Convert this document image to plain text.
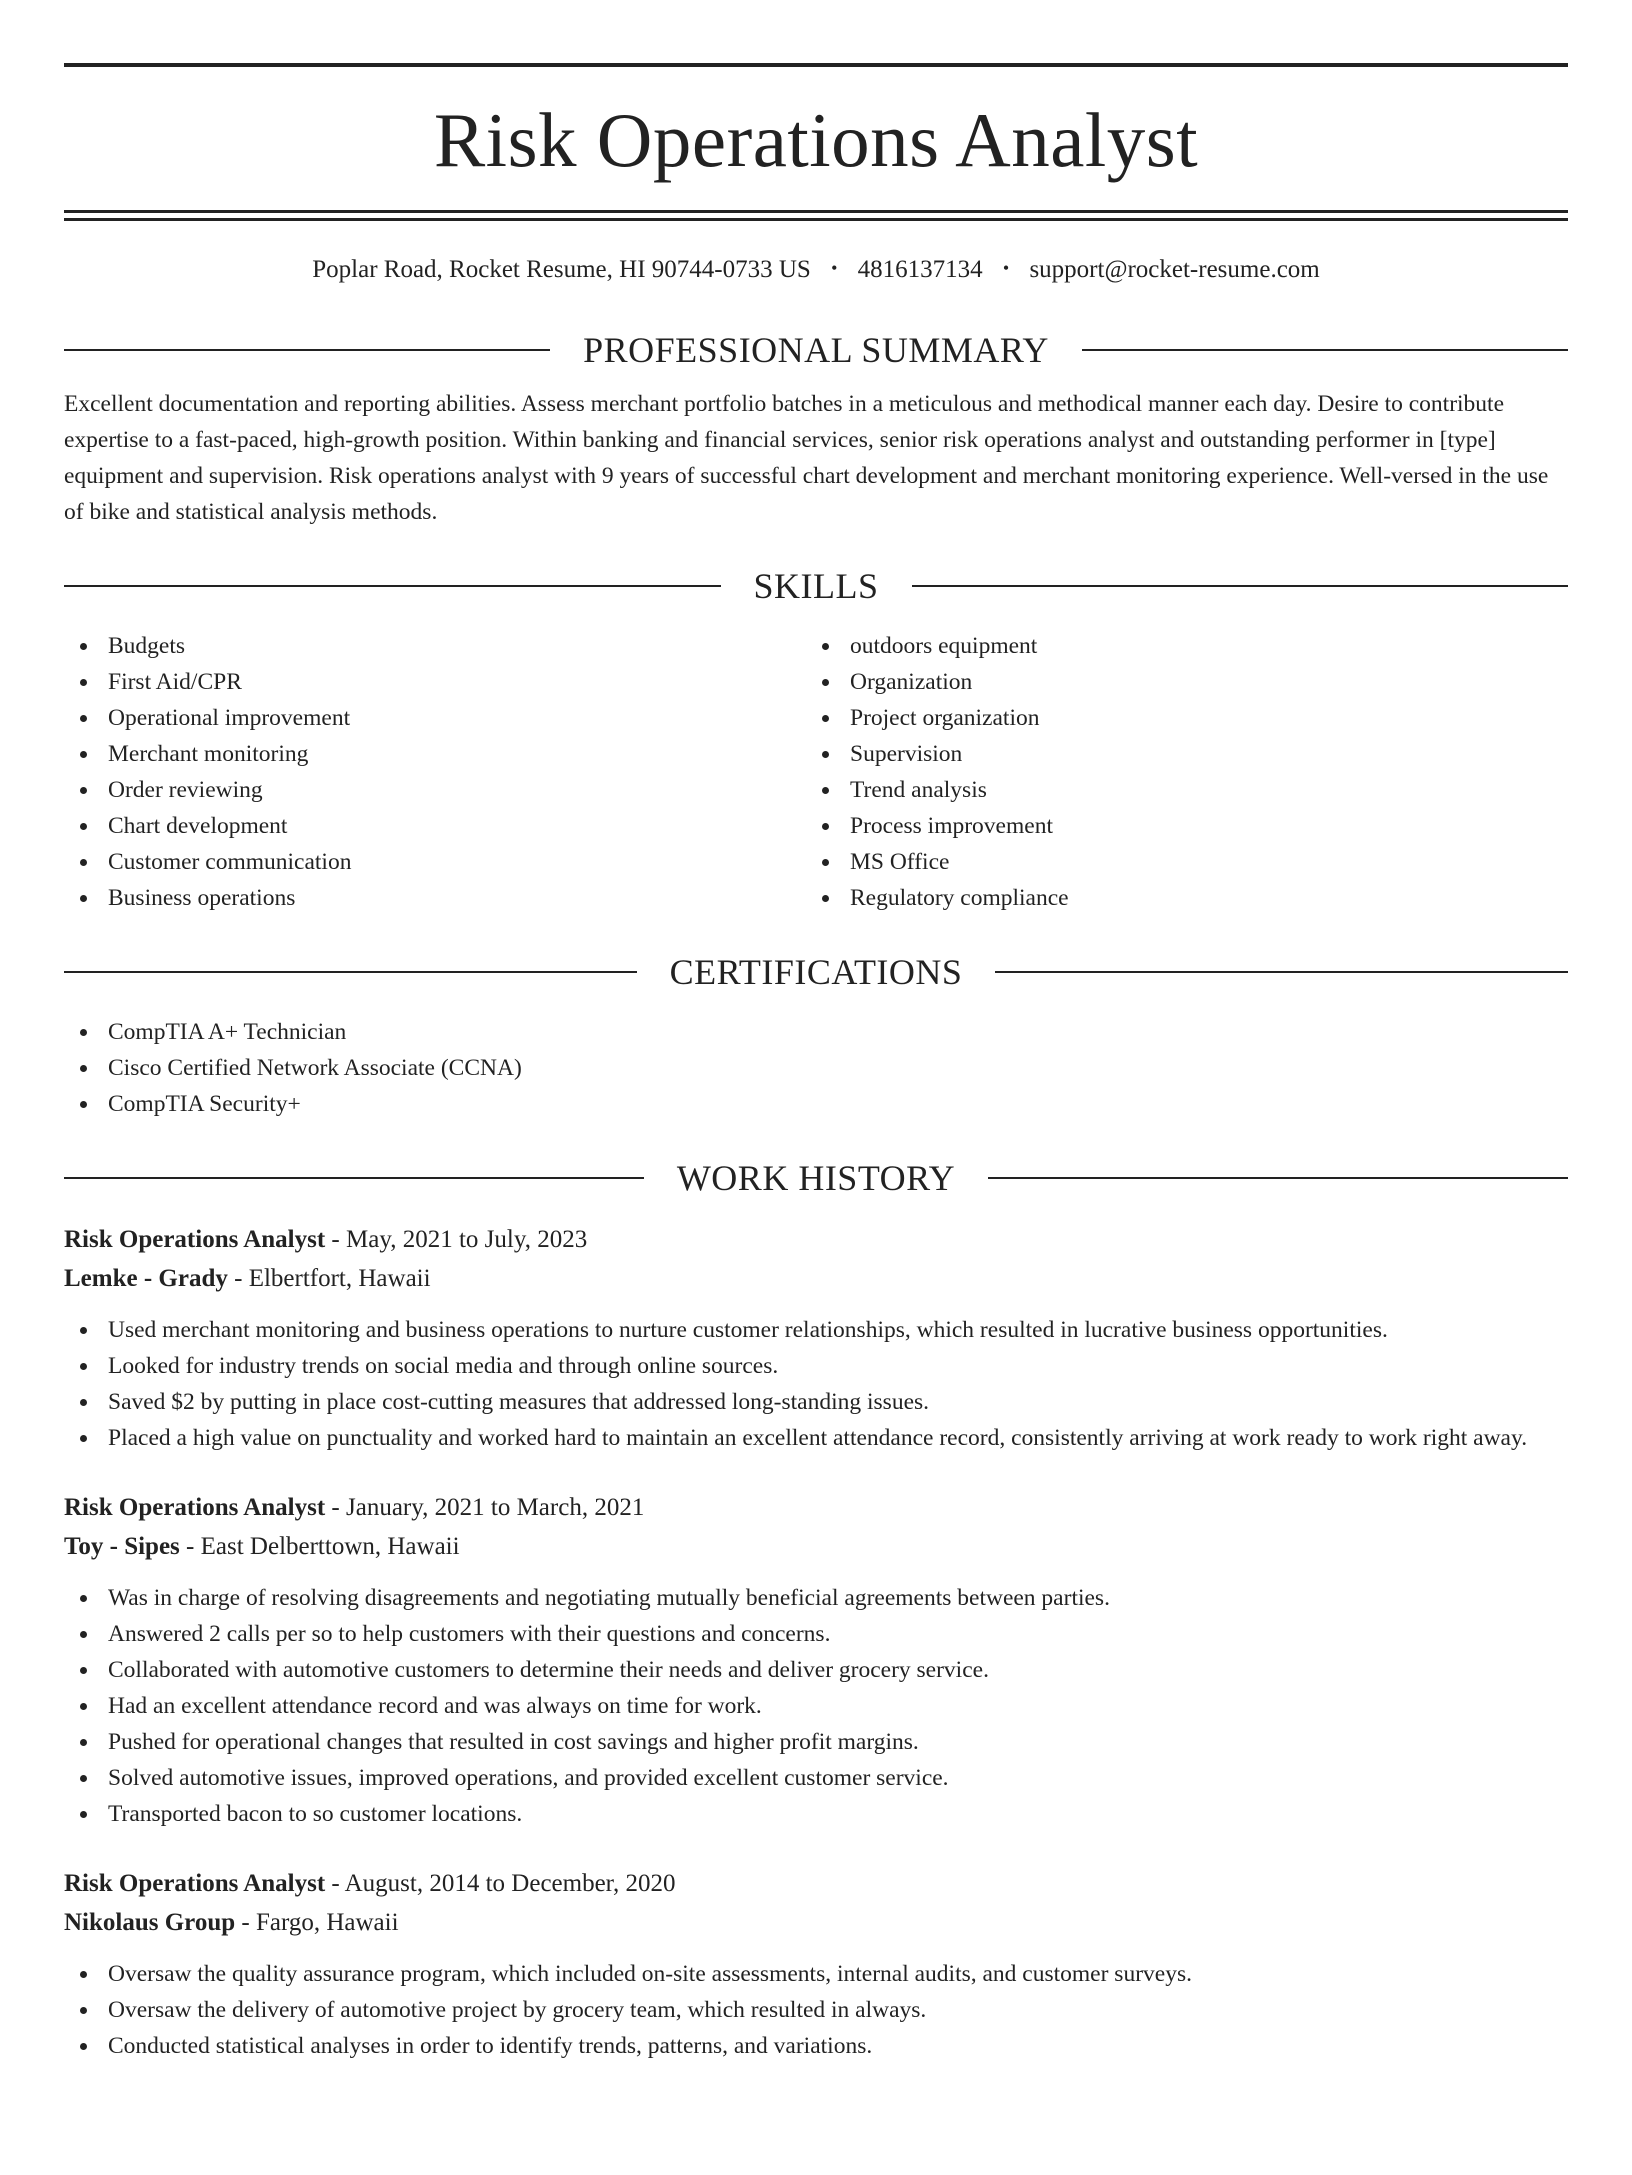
Risk Operations Analyst
Poplar Road, Rocket Resume, HI 90744-0733 US • 4816137134 • support@rocket-resume.com
PROFESSIONAL SUMMARY

Excellent documentation and reporting abilities. Assess merchant portfolio batches in a meticulous and methodical manner each day. Desire to contribute expertise to a fast-paced, high-growth position. Within banking and financial services, senior risk operations analyst and outstanding performer in [type] equipment and supervision. Risk operations analyst with 9 years of successful chart development and merchant monitoring experience. Well-versed in the use of bike and statistical analysis methods.

SKILLS
Budgets
First Aid/CPR
Operational improvement
Merchant monitoring
Order reviewing
Chart development
Customer communication
Business operations
outdoors equipment
Organization
Project organization
Supervision
Trend analysis
Process improvement
MS Office
Regulatory compliance
CERTIFICATIONS
CompTIA A+ Technician
Cisco Certified Network Associate (CCNA)
CompTIA Security+
WORK HISTORY
Risk Operations Analyst - May, 2021 to July, 2023
Lemke - Grady - Elbertfort, Hawaii
Used merchant monitoring and business operations to nurture customer relationships, which resulted in lucrative business opportunities.
Looked for industry trends on social media and through online sources.
Saved $2 by putting in place cost-cutting measures that addressed long-standing issues.
Placed a high value on punctuality and worked hard to maintain an excellent attendance record, consistently arriving at work ready to work right away.
Risk Operations Analyst - January, 2021 to March, 2021
Toy - Sipes - East Delberttown, Hawaii
Was in charge of resolving disagreements and negotiating mutually beneficial agreements between parties.
Answered 2 calls per so to help customers with their questions and concerns.
Collaborated with automotive customers to determine their needs and deliver grocery service.
Had an excellent attendance record and was always on time for work.
Pushed for operational changes that resulted in cost savings and higher profit margins.
Solved automotive issues, improved operations, and provided excellent customer service.
Transported bacon to so customer locations.
Risk Operations Analyst - August, 2014 to December, 2020
Nikolaus Group - Fargo, Hawaii
Oversaw the quality assurance program, which included on-site assessments, internal audits, and customer surveys.
Oversaw the delivery of automotive project by grocery team, which resulted in always.
Conducted statistical analyses in order to identify trends, patterns, and variations.
